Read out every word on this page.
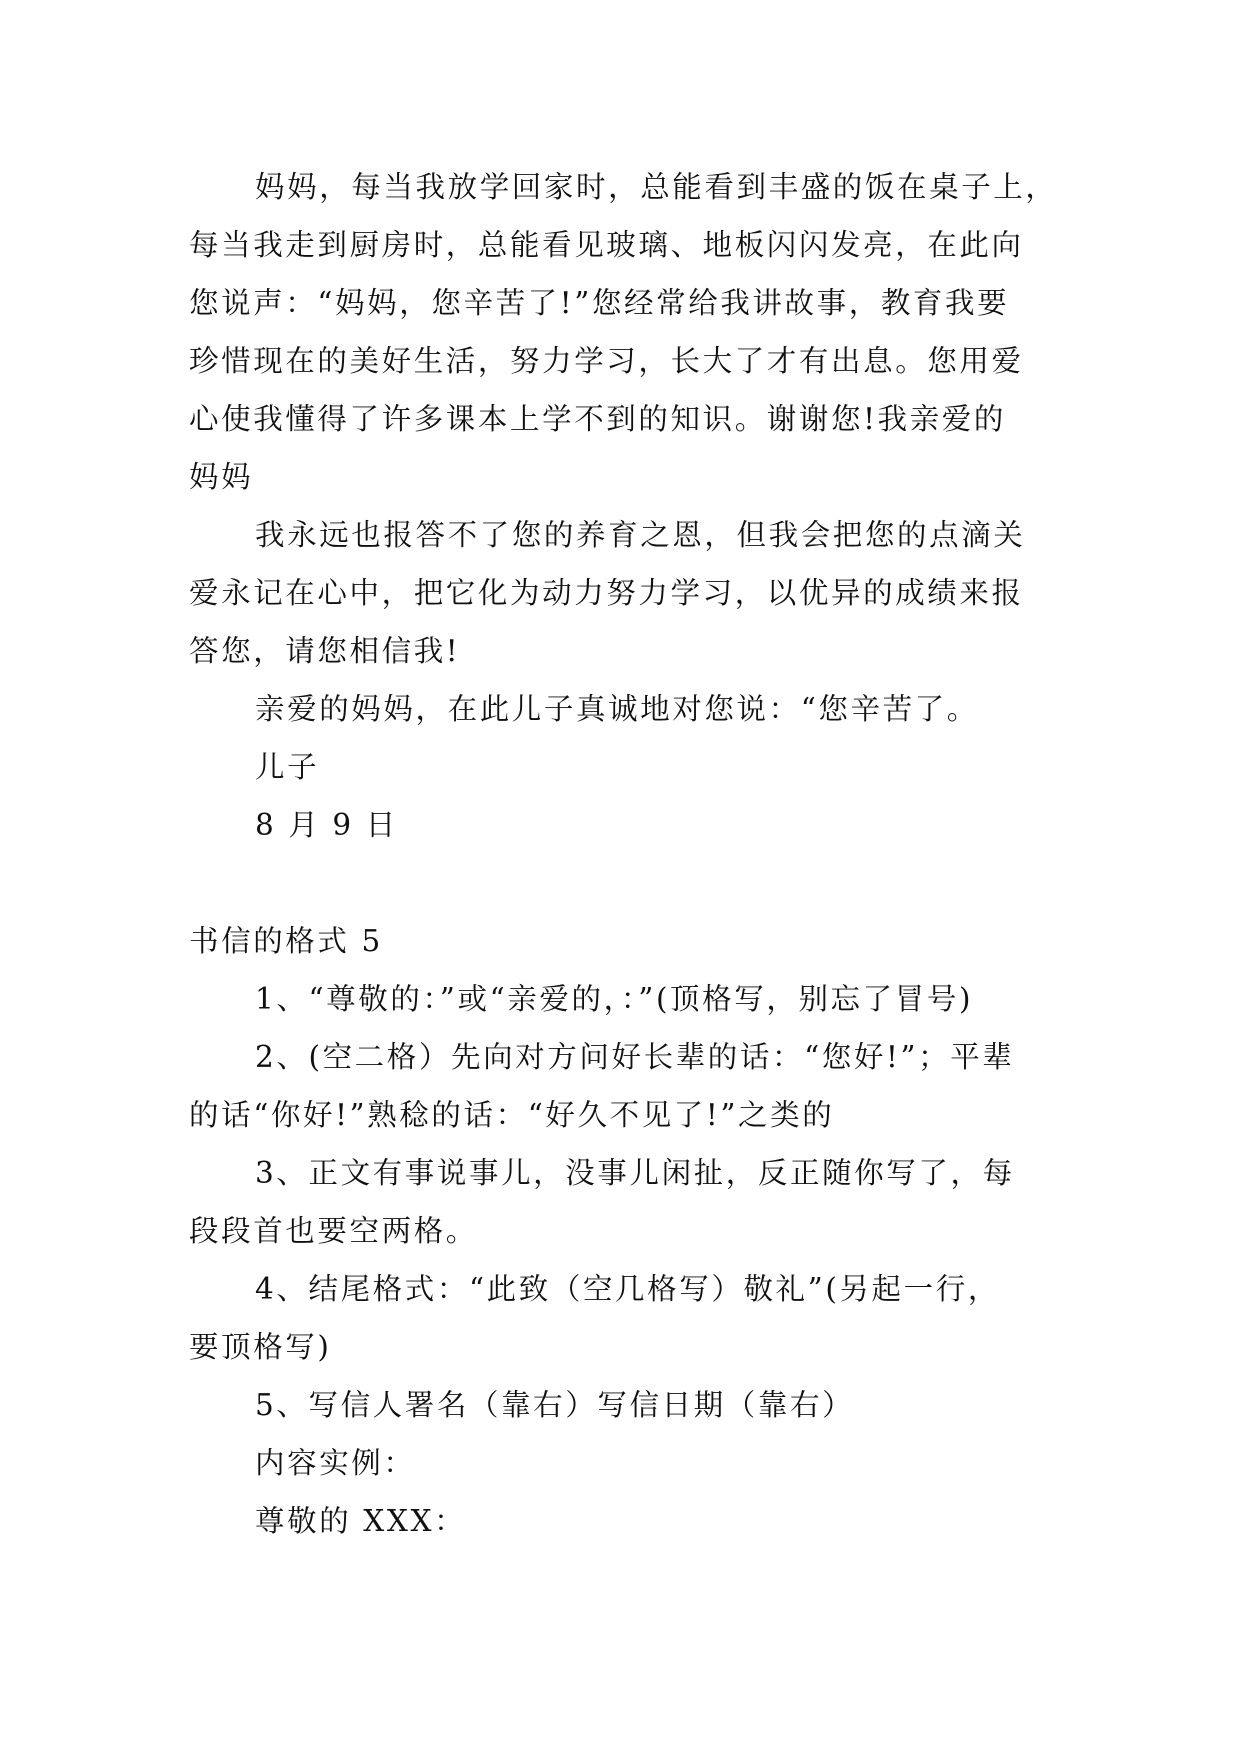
妈妈，每当我放学回家时，总能看到丰盛的饭在桌子上，
每当我走到厨房时，总能看见玻璃、地板闪闪发亮，在此向
您说声：“妈妈，您辛苦了!”您经常给我讲故事，教育我要
珍惜现在的美好生活，努力学习，长大了才有出息。您用爱
心使我懂得了许多课本上学不到的知识。谢谢您!我亲爱的
妈妈
我永远也报答不了您的养育之恩，但我会把您的点滴关
爱永记在心中，把它化为动力努力学习，以优异的成绩来报
答您，请您相信我!
亲爱的妈妈，在此儿子真诚地对您说：“您辛苦了。
儿子
8 月 9 日
书信的格式 5
1、“尊敬的：”或“亲爱的，：”(顶格写，别忘了冒号)
2、(空二格）先向对方问好长辈的话：“您好!”；平辈
的话“你好!”熟稔的话：“好久不见了!”之类的
3、正文有事说事儿，没事儿闲扯，反正随你写了，每
段段首也要空两格。
4、结尾格式：“此致（空几格写）敬礼”(另起一行，
要顶格写)
5、写信人署名（靠右）写信日期（靠右）
内容实例：
尊敬的 XXX：
